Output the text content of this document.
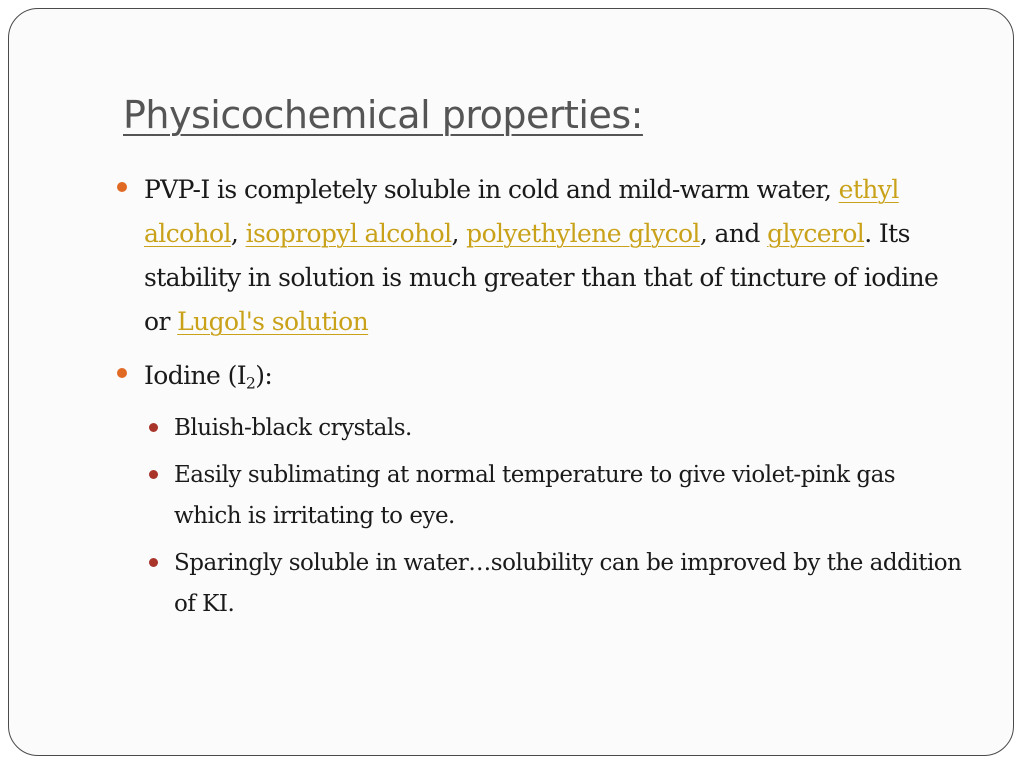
Physicochemical properties:
PVP-I is completely soluble in cold and mild-warm water, ethyl alcohol, isopropyl alcohol, polyethylene glycol, and glycerol. Its stability in solution is much greater than that of tincture of iodine or Lugol's solution
Iodine $(I_2)$:
Bluish-black crystals.
Easily sublimating at normal temperature to give violet-pink gas which is irritating to eye.
Sparingly soluble in water…solubility can be improved by the addition of KI.
